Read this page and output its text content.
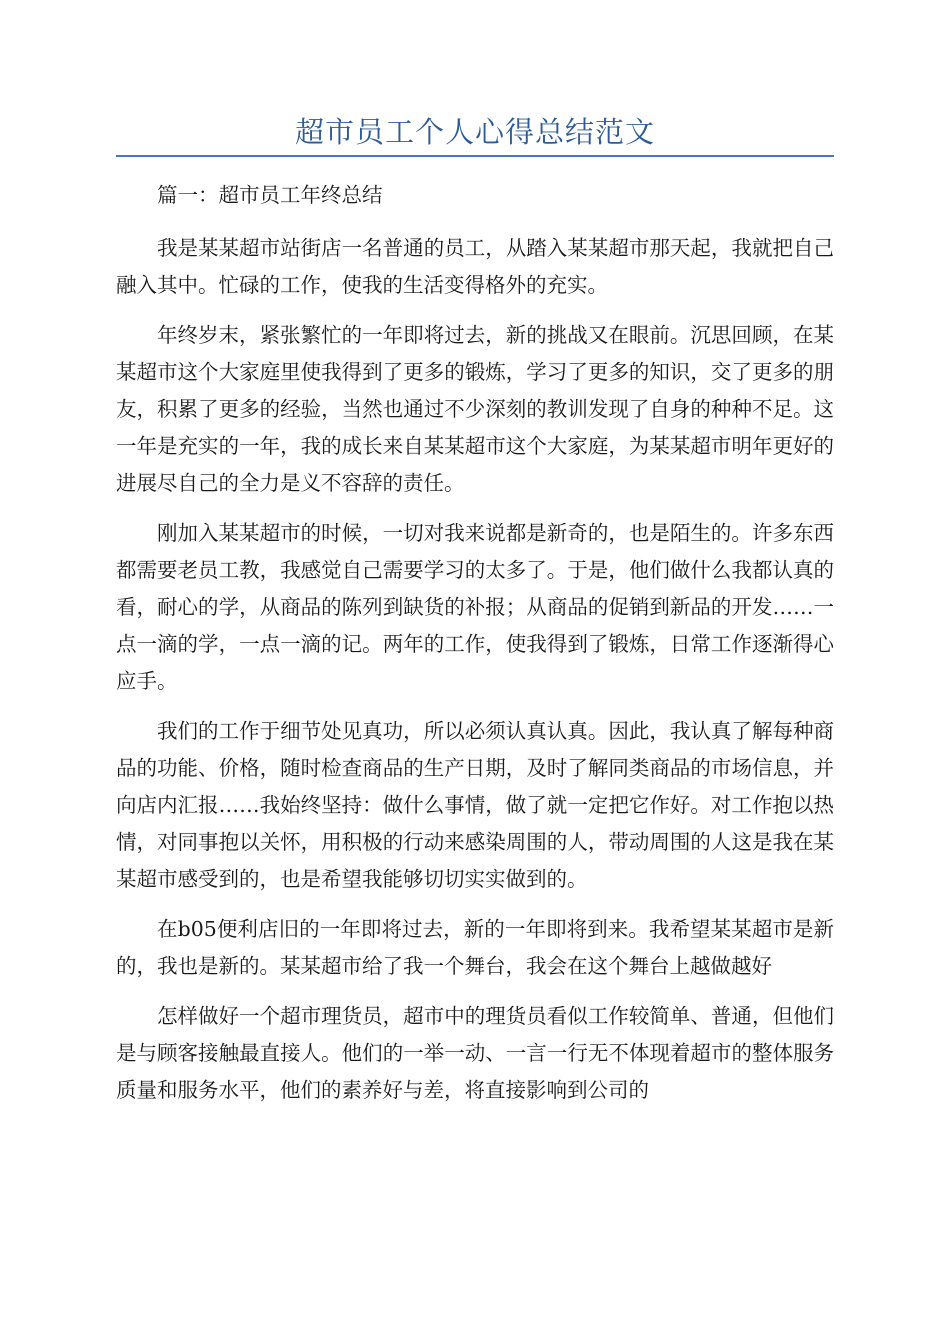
超市员工个人心得总结范文

篇一：超市员工年终总结

我是某某超市站街店一名普通的员工，从踏入某某超市那天起，我就把自己融入其中。忙碌的工作，使我的生活变得格外的充实。

年终岁末，紧张繁忙的一年即将过去，新的挑战又在眼前。沉思回顾，在某某超市这个大家庭里使我得到了更多的锻炼，学习了更多的知识，交了更多的朋友，积累了更多的经验，当然也通过不少深刻的教训发现了自身的种种不足。这一年是充实的一年，我的成长来自某某超市这个大家庭，为某某超市明年更好的进展尽自己的全力是义不容辞的责任。

刚加入某某超市的时候，一切对我来说都是新奇的，也是陌生的。许多东西都需要老员工教，我感觉自己需要学习的太多了。于是，他们做什么我都认真的看，耐心的学，从商品的陈列到缺货的补报；从商品的促销到新品的开发……一点一滴的学，一点一滴的记。两年的工作，使我得到了锻炼，日常工作逐渐得心应手。

我们的工作于细节处见真功，所以必须认真认真。因此，我认真了解每种商品的功能、价格，随时检查商品的生产日期，及时了解同类商品的市场信息，并向店内汇报……我始终坚持：做什么事情，做了就一定把它作好。对工作抱以热情，对同事抱以关怀，用积极的行动来感染周围的人，带动周围的人这是我在某某超市感受到的，也是希望我能够切切实实做到的。

在b05便利店旧的一年即将过去，新的一年即将到来。我希望某某超市是新的，我也是新的。某某超市给了我一个舞台，我会在这个舞台上越做越好

怎样做好一个超市理货员，超市中的理货员看似工作较简单、普通，但他们是与顾客接触最直接人。他们的一举一动、一言一行无不体现着超市的整体服务质量和服务水平，他们的素养好与差，将直接影响到公司的
